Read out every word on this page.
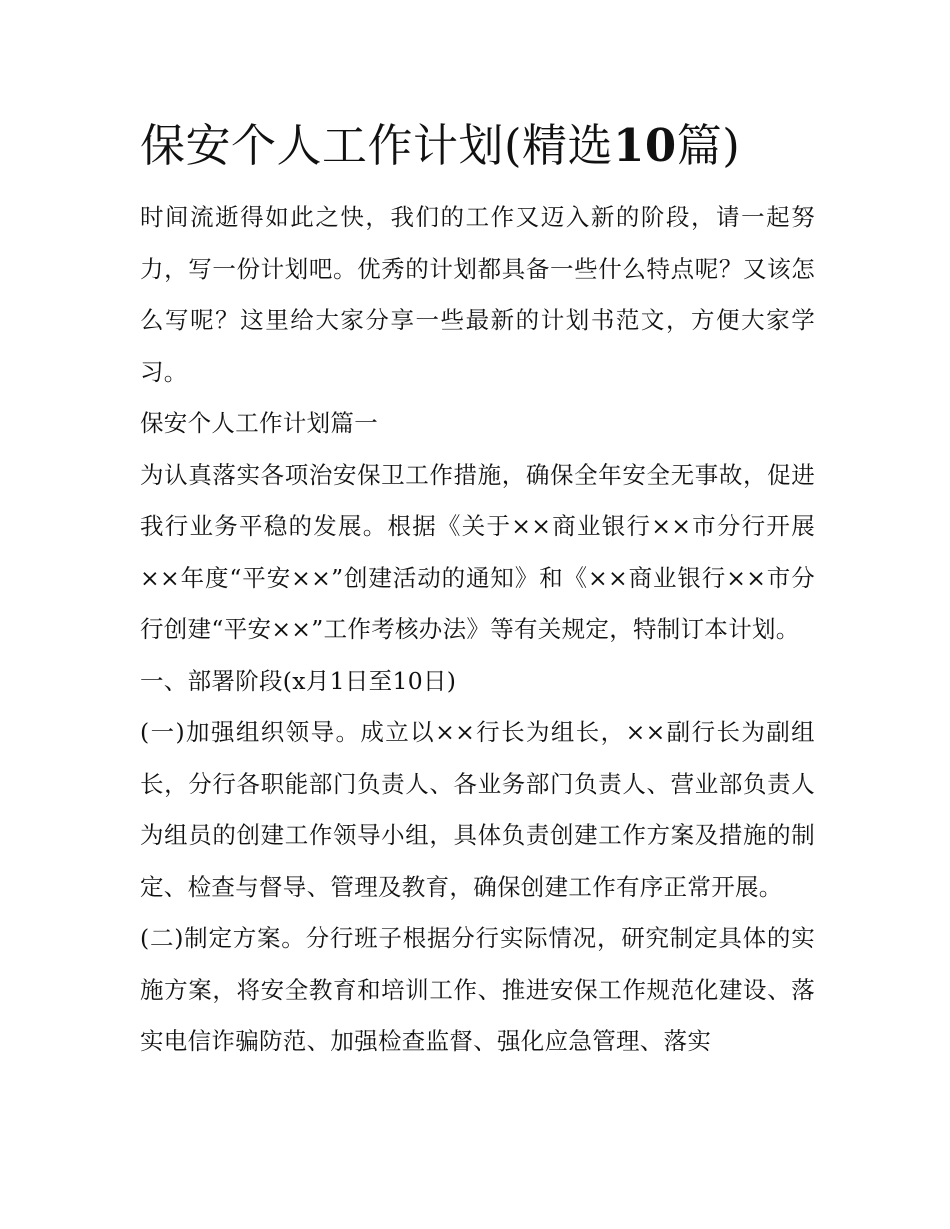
保安个人工作计划(精选10篇)

时间流逝得如此之快，我们的工作又迈入新的阶段，请一起努力，写一份计划吧。优秀的计划都具备一些什么特点呢？又该怎么写呢？这里给大家分享一些最新的计划书范文，方便大家学习。

保安个人工作计划篇一

为认真落实各项治安保卫工作措施，确保全年安全无事故，促进我行业务平稳的发展。根据《关于××商业银行××市分行开展××年度“平安××”创建活动的通知》和《××商业银行××市分行创建“平安××”工作考核办法》等有关规定，特制订本计划。

一、部署阶段(x月1日至10日)

(一)加强组织领导。成立以××行长为组长，××副行长为副组长，分行各职能部门负责人、各业务部门负责人、营业部负责人为组员的创建工作领导小组，具体负责创建工作方案及措施的制定、检查与督导、管理及教育，确保创建工作有序正常开展。

(二)制定方案。分行班子根据分行实际情况，研究制定具体的实施方案，将安全教育和培训工作、推进安保工作规范化建设、落实电信诈骗防范、加强检查监督、强化应急管理、落实
